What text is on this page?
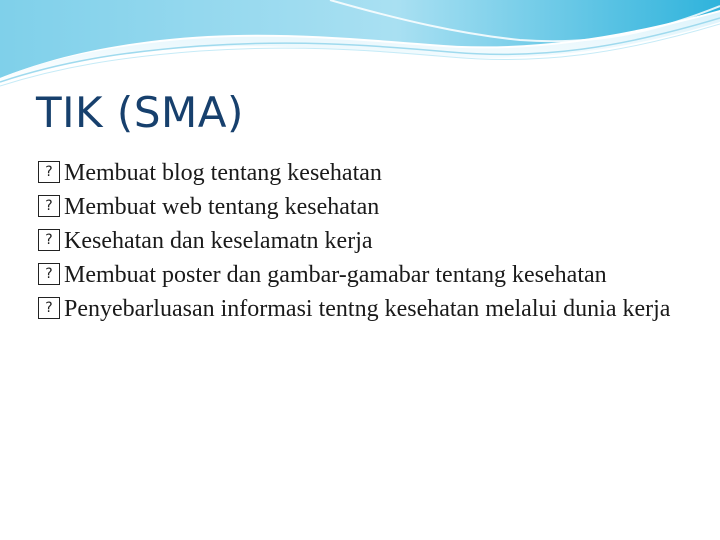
TIK (SMA)
? Membuat blog tentang kesehatan
? Membuat web tentang kesehatan
? Kesehatan dan keselamatn kerja
? Membuat poster dan gambar-gamabar tentang kesehatan
? Penyebarluasan informasi tentng kesehatan melalui dunia kerja
